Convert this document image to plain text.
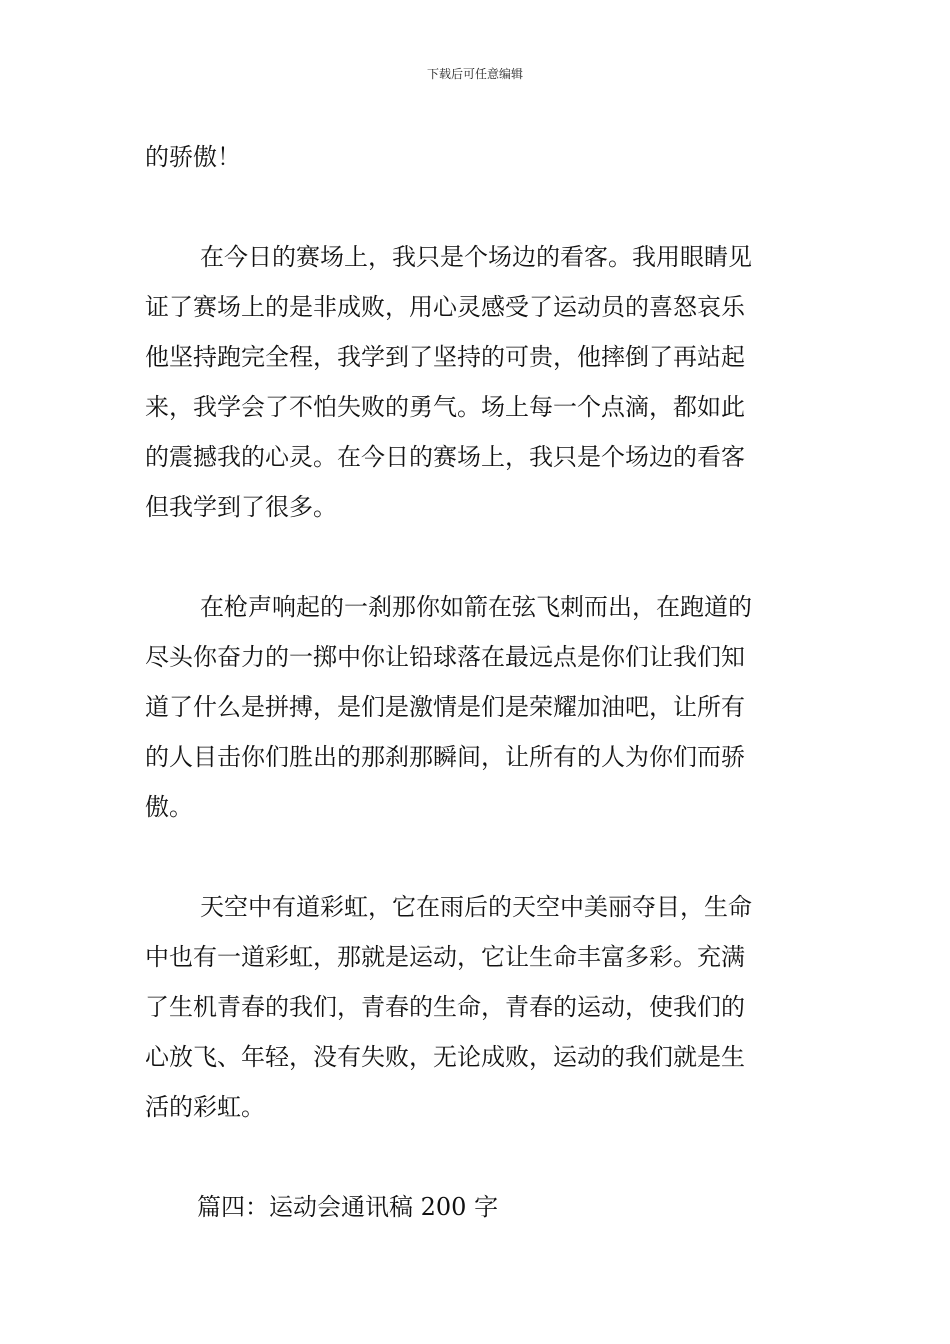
下载后可任意编辑

的骄傲！

在今日的赛场上，我只是个场边的看客。我用眼睛见
证了赛场上的是非成败，用心灵感受了运动员的喜怒哀乐
他坚持跑完全程，我学到了坚持的可贵，他摔倒了再站起
来，我学会了不怕失败的勇气。场上每一个点滴，都如此
的震撼我的心灵。在今日的赛场上，我只是个场边的看客
但我学到了很多。

在枪声响起的一刹那你如箭在弦飞刺而出，在跑道的
尽头你奋力的一掷中你让铅球落在最远点是你们让我们知
道了什么是拼搏，是们是激情是们是荣耀加油吧，让所有
的人目击你们胜出的那刹那瞬间，让所有的人为你们而骄
傲。

天空中有道彩虹，它在雨后的天空中美丽夺目，生命
中也有一道彩虹，那就是运动，它让生命丰富多彩。充满
了生机青春的我们，青春的生命，青春的运动，使我们的
心放飞、年轻，没有失败，无论成败，运动的我们就是生
活的彩虹。

篇四：运动会通讯稿 200 字
